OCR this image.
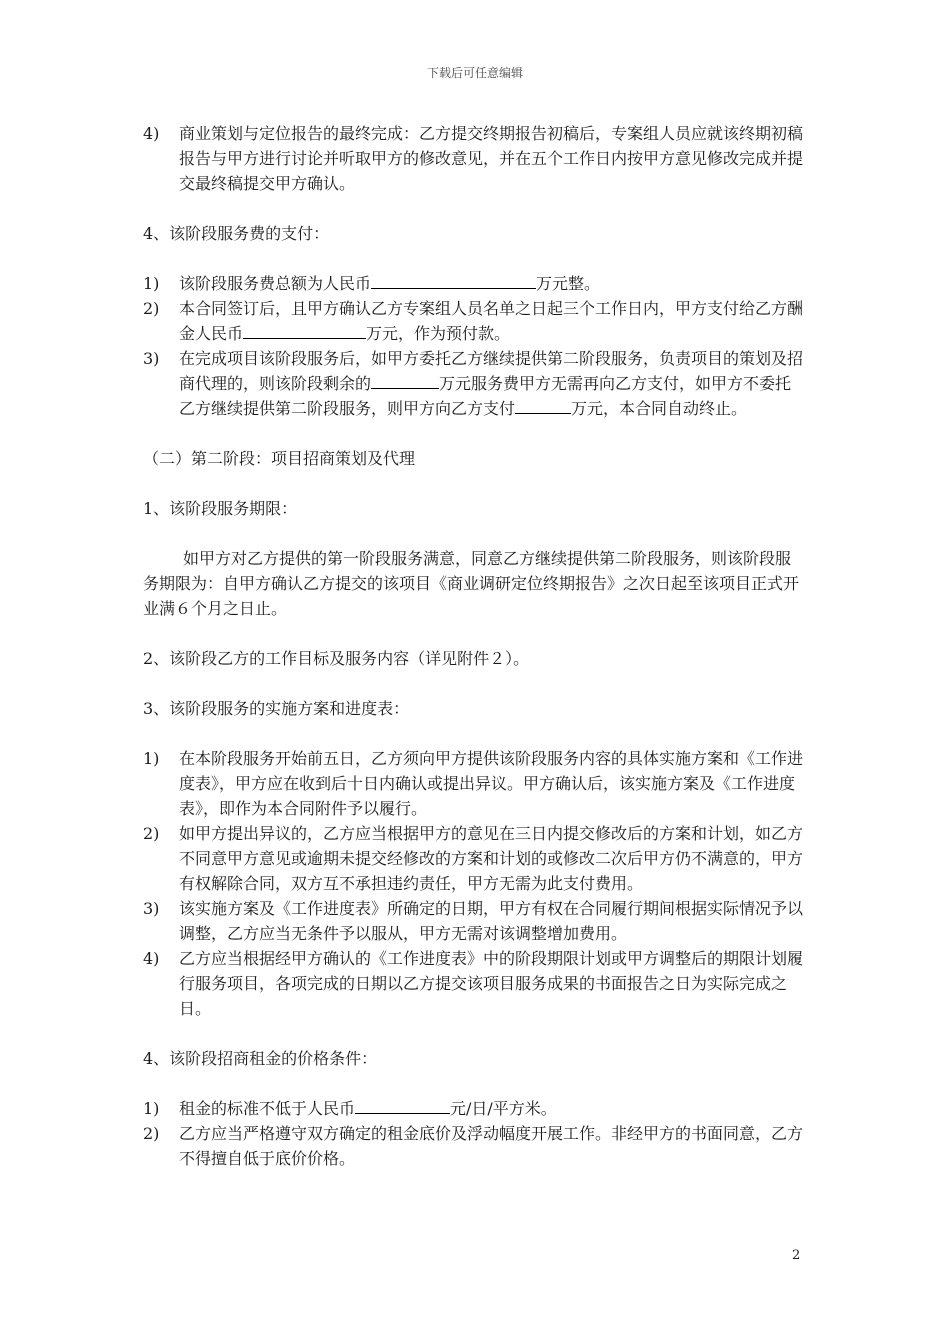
下载后可任意编辑
4) 商业策划与定位报告的最终完成：乙方提交终期报告初稿后，专案组人员应就该终期初稿报告与甲方进行讨论并听取甲方的修改意见，并在五个工作日内按甲方意见修改完成并提交最终稿提交甲方确认。

4、该阶段服务费的支付：

1) 该阶段服务费总额为人民币	万元整。
2) 本合同签订后，且甲方确认乙方专案组人员名单之日起三个工作日内，甲方支付给乙方酬金人民币	万元，作为预付款。
3) 在完成项目该阶段服务后，如甲方委托乙方继续提供第二阶段服务，负责项目的策划及招商代理的，则该阶段剩余的	万元服务费甲方无需再向乙方支付，如甲方不委托乙方继续提供第二阶段服务，则甲方向乙方支付	万元，本合同自动终止。

（二）第二阶段：项目招商策划及代理

1、该阶段服务期限：

如甲方对乙方提供的第一阶段服务满意，同意乙方继续提供第二阶段服务，则该阶段服务期限为：自甲方确认乙方提交的该项目《商业调研定位终期报告》之次日起至该项目正式开业满６个月之日止。

2、该阶段乙方的工作目标及服务内容（详见附件２）。

3、该阶段服务的实施方案和进度表：

1) 在本阶段服务开始前五日，乙方须向甲方提供该阶段服务内容的具体实施方案和《工作进度表》，甲方应在收到后十日内确认或提出异议。甲方确认后，该实施方案及《工作进度表》，即作为本合同附件予以履行。
2) 如甲方提出异议的，乙方应当根据甲方的意见在三日内提交修改后的方案和计划，如乙方不同意甲方意见或逾期未提交经修改的方案和计划的或修改二次后甲方仍不满意的，甲方有权解除合同，双方互不承担违约责任，甲方无需为此支付费用。
3) 该实施方案及《工作进度表》所确定的日期，甲方有权在合同履行期间根据实际情况予以调整，乙方应当无条件予以服从，甲方无需对该调整增加费用。
4) 乙方应当根据经甲方确认的《工作进度表》中的阶段期限计划或甲方调整后的期限计划履行服务项目，各项完成的日期以乙方提交该项目服务成果的书面报告之日为实际完成之日。

4、该阶段招商租金的价格条件：

1) 租金的标准不低于人民币	元/日/平方米。
2) 乙方应当严格遵守双方确定的租金底价及浮动幅度开展工作。非经甲方的书面同意，乙方不得擅自低于底价价格。
2
